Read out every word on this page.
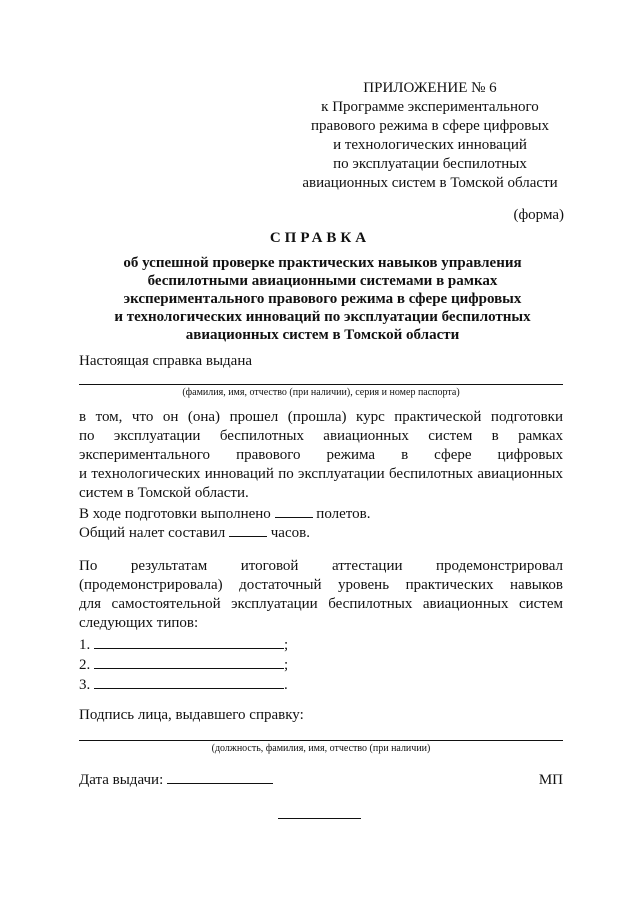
ПРИЛОЖЕНИЕ № 6
к Программе экспериментального
правового режима в сфере цифровых
и технологических инноваций
по эксплуатации беспилотных
авиационных систем в Томской области
(форма)
СПРАВКА
об успешной проверке практических навыков управления
беспилотными авиационными системами в рамках
экспериментального правового режима в сфере цифровых
и технологических инноваций по эксплуатации беспилотных
авиационных систем в Томской области
Настоящая справка выдана
(фамилия, имя, отчество (при наличии), серия и номер паспорта)
в том, что он (она) прошел (прошла) курс практической подготовки
по эксплуатации беспилотных авиационных систем в рамках
экспериментального правового режима в сфере цифровых
и технологических инноваций по эксплуатации беспилотных авиационных
систем в Томской области.
В ходе подготовки выполнено	полетов.
Общий налет составил	часов.
По результатам итоговой аттестации продемонстрировал
(продемонстрировала) достаточный уровень практических навыков
для самостоятельной эксплуатации беспилотных авиационных систем
следующих типов:
1.	;
2.	;
3.	.
Подпись лица, выдавшего справку:
(должность, фамилия, имя, отчество (при наличии)
Дата выдачи:	МП
